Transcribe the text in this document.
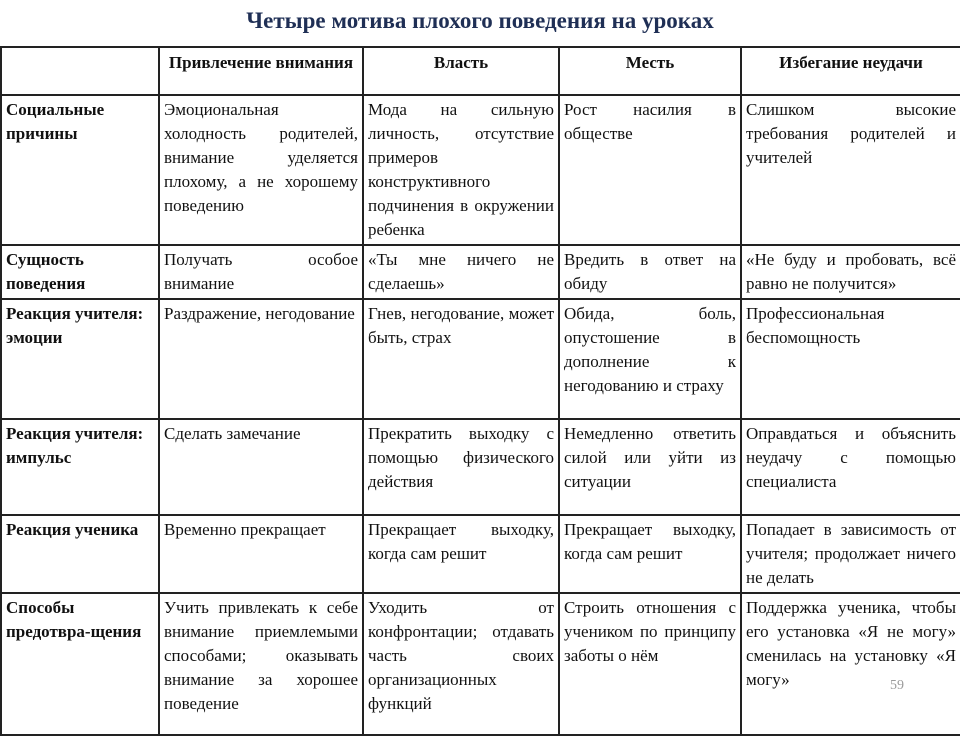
Четыре мотива плохого поведения на уроках
	Привлечение внимания	Власть	Месть	Избегание неудачи
Социальные причины	Эмоциональная холодность родителей, внимание уделяется плохому, а не хорошему поведению	Мода на сильную личность, отсутствие примеров конструктивного подчинения в окружении ребенка	Рост насилия в обществе	Слишком высокие требования родителей и учителей
Сущность поведения	Получать особое внимание	«Ты мне ничего не сделаешь»	Вредить в ответ на обиду	«Не буду и пробовать, всё равно не получится»
Реакция учителя: эмоции	Раздражение, негодование	Гнев, негодование, может быть, страх	Обида, боль, опустошение в дополнение к негодованию и страху	Профессиональная беспомощность
Реакция учителя: импульс	Сделать замечание	Прекратить выходку с помощью физического действия	Немедленно ответить силой или уйти из ситуации	Оправдаться и объяснить неудачу с помощью специалиста
Реакция ученика	Временно прекращает	Прекращает выходку, когда сам решит	Прекращает выходку, когда сам решит	Попадает в зависимость от учителя; продолжает ничего не делать
Способы предотвра-щения	Учить привлекать к себе внимание приемлемыми способами; оказывать внимание за хорошее поведение	Уходить от конфронтации; отдавать часть своих организационных функций	Строить отношения с учеником по принципу заботы о нём	Поддержка ученика, чтобы его установка «Я не могу» сменилась на установку «Я могу»	59
